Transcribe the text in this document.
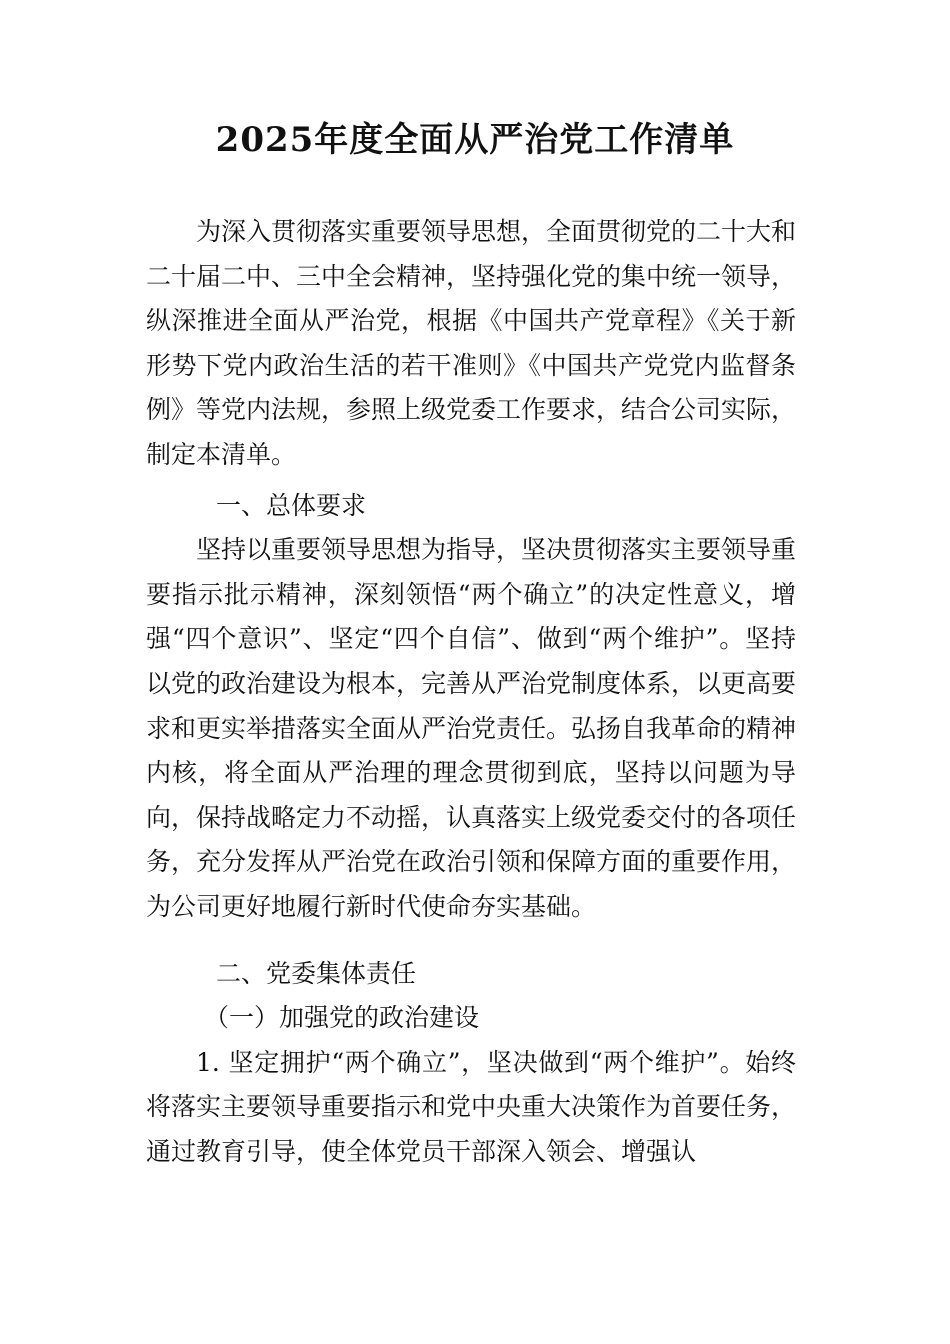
2025年度全面从严治党工作清单

为深入贯彻落实重要领导思想，全面贯彻党的二十大和二十届二中、三中全会精神，坚持强化党的集中统一领导，纵深推进全面从严治党，根据《中国共产党章程》《关于新形势下党内政治生活的若干准则》《中国共产党党内监督条例》等党内法规，参照上级党委工作要求，结合公司实际，制定本清单。

一、总体要求

坚持以重要领导思想为指导，坚决贯彻落实主要领导重要指示批示精神，深刻领悟“两个确立”的决定性意义，增强“四个意识”、坚定“四个自信”、做到“两个维护”。坚持以党的政治建设为根本，完善从严治党制度体系，以更高要求和更实举措落实全面从严治党责任。弘扬自我革命的精神内核，将全面从严治理的理念贯彻到底，坚持以问题为导向，保持战略定力不动摇，认真落实上级党委交付的各项任务，充分发挥从严治党在政治引领和保障方面的重要作用，为公司更好地履行新时代使命夯实基础。

二、党委集体责任

（一）加强党的政治建设

1. 坚定拥护“两个确立”，坚决做到“两个维护”。始终将落实主要领导重要指示和党中央重大决策作为首要任务，通过教育引导，使全体党员干部深入领会、增强认
